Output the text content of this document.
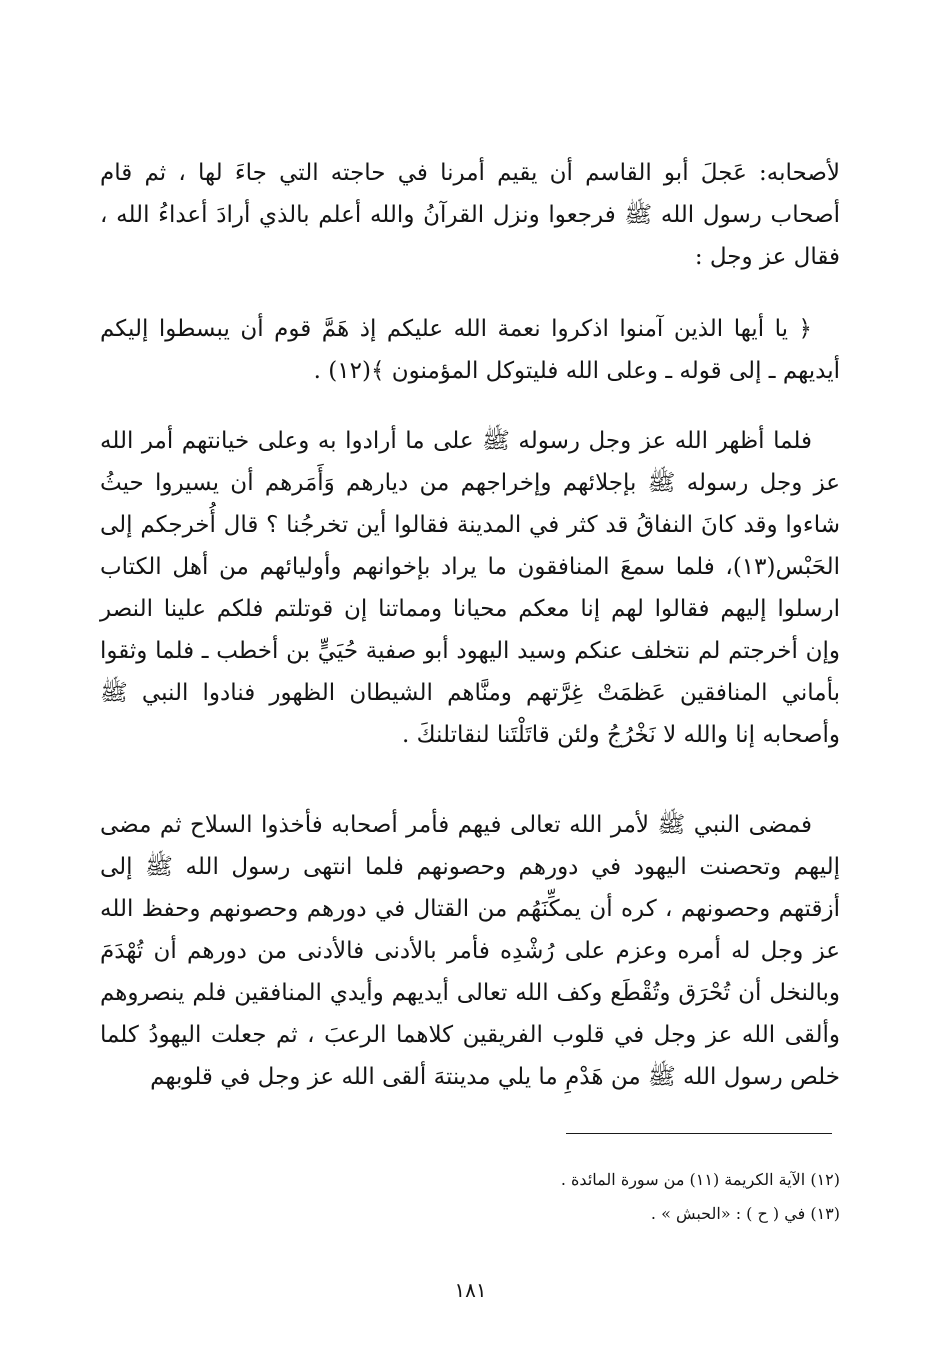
لأصحابه: عَجلَ أبو القاسم أن يقيم أمرنا في حاجته التي جاءَ لها ، ثم قام أصحاب رسول الله ﷺ فرجعوا ونزل القرآنُ والله أعلم بالذي أرادَ أعداءُ الله ، فقال عز وجل :

﴿ يا أيها الذين آمنوا اذكروا نعمة الله عليكم إذ هَمَّ قوم أن يبسطوا إليكم أيديهم ـ إلى قوله ـ وعلى الله فليتوكل المؤمنون ﴾(١٢) .

فلما أظهر الله عز وجل رسوله ﷺ على ما أرادوا به وعلى خيانتهم أمر الله عز وجل رسوله ﷺ بإجلائهم وإخراجهم من ديارهم وَأَمَرهم أن يسيروا حيثُ شاءوا وقد كانَ النفاقُ قد كثر في المدينة فقالوا أين تخرجُنا ؟ قال أُخرجكم إلى الحَبْس(١٣)، فلما سمعَ المنافقون ما يراد بإخوانهم وأوليائهم من أهل الكتاب ارسلوا إليهم فقالوا لهم إنا معكم محيانا ومماتنا إن قوتلتم فلكم علينا النصر وإن أخرجتم لم نتخلف عنكم وسيد اليهود أبو صفية حُيَيٍّ بن أخطب ـ فلما وثقوا بأماني المنافقين عَظمَتْ غِرَّتهم ومنَّاهم الشيطان الظهور فنادوا النبي ﷺ وأصحابه إنا والله لا نَخْرُجُ ولئن قاتَلْتَنا لنقاتلنكَ .

فمضى النبي ﷺ لأمر الله تعالى فيهم فأمر أصحابه فأخذوا السلاح ثم مضى إليهم وتحصنت اليهود في دورهم وحصونهم فلما انتهى رسول الله ﷺ إلى أزقتهم وحصونهم ، كره أن يمكِّنَهُم من القتال في دورهم وحصونهم وحفظ الله عز وجل له أمره وعزم على رُشْدِه فأمر بالأدنى فالأدنى من دورهم أن تُهْدَمَ وبالنخل أن تُحْرَق وتُقْطَع وكف الله تعالى أيديهم وأيدي المنافقين فلم ينصروهم وألقى الله عز وجل في قلوب الفريقين كلاهما الرعبَ ، ثم جعلت اليهودُ كلما خلص رسول الله ﷺ من هَدْمِ ما يلي مدينتهَ ألقى الله عز وجل في قلوبهم

(١٢) الآية الكريمة (١١) من سورة المائدة .

(١٣) في ( ح ) : «الحبش » .

١٨١
